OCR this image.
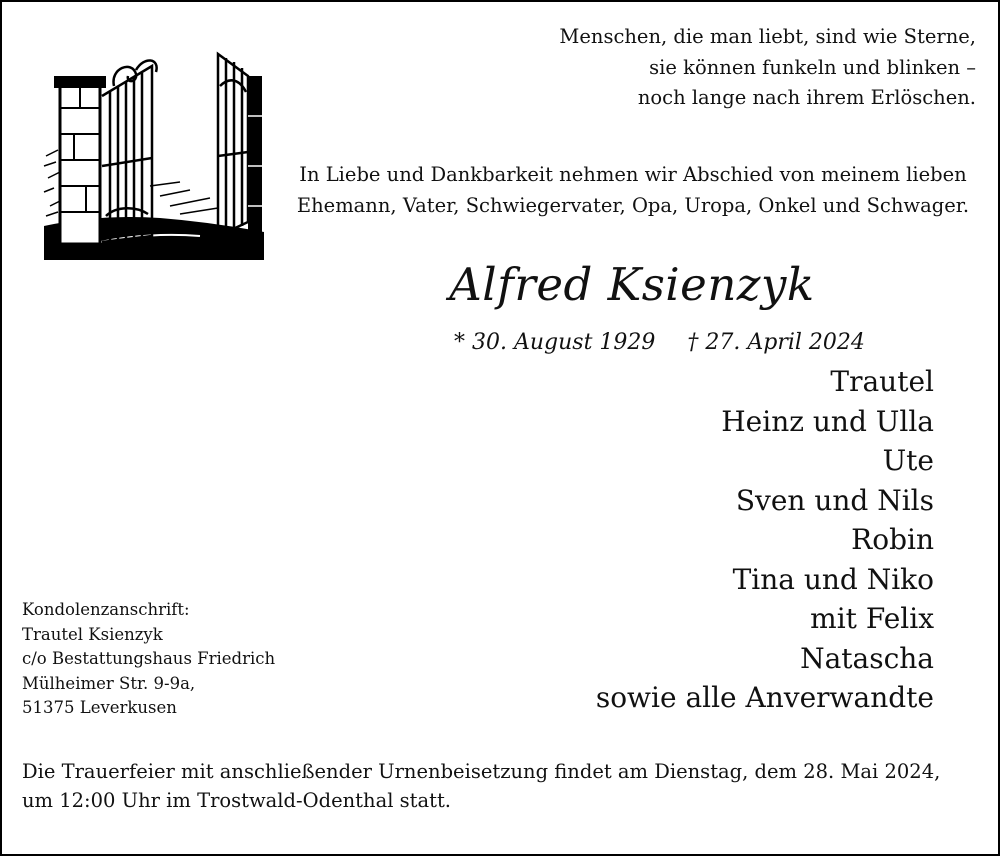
Menschen, die man liebt, sind wie Sterne,
sie können funkeln und blinken –
noch lange nach ihrem Erlöschen.
In Liebe und Dankbarkeit nehmen wir Abschied von meinem lieben
Ehemann, Vater, Schwiegervater, Opa, Uropa, Onkel und Schwager.
Alfred Ksienzyk
* 30. August 1929 † 27. April 2024
Trautel
Heinz und Ulla
Ute
Sven und Nils
Robin
Tina und Niko
mit Felix
Natascha
sowie alle Anverwandte
Kondolenzanschrift:
Trautel Ksienzyk
c/o Bestattungshaus Friedrich
Mülheimer Str. 9-9a,
51375 Leverkusen
Die Trauerfeier mit anschließender Urnenbeisetzung findet am Dienstag, dem 28. Mai 2024,
um 12:00 Uhr im Trostwald-Odenthal statt.
